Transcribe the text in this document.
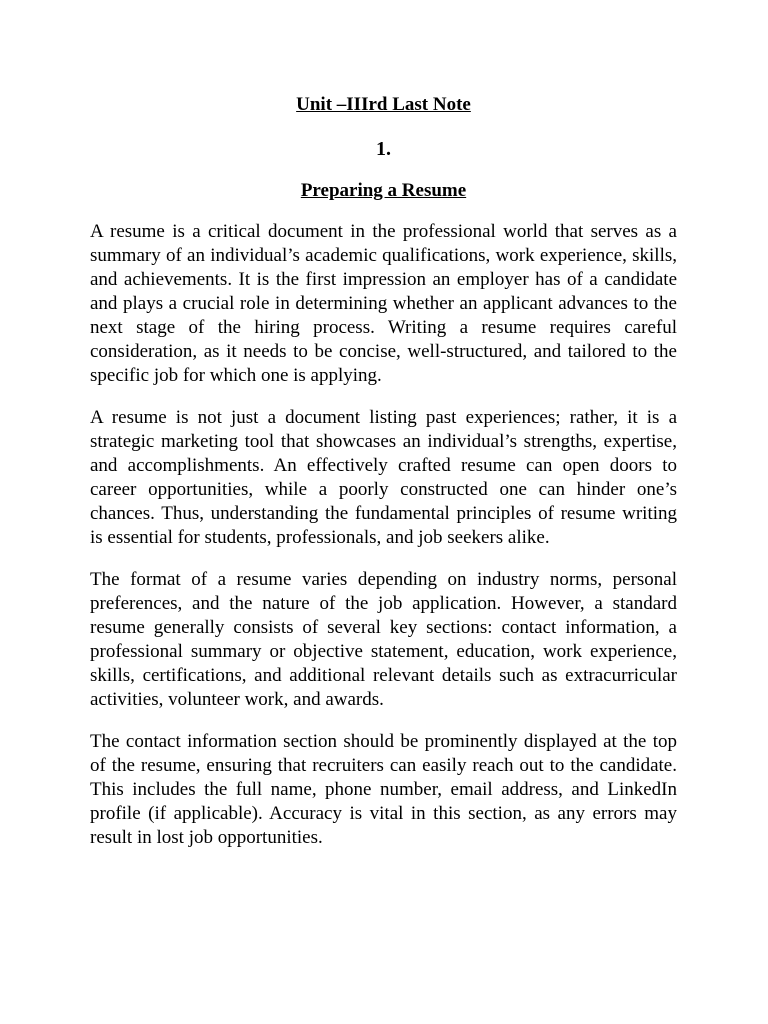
Unit –IIIrd Last Note
1.
Preparing a Resume

A resume is a critical document in the professional world that serves as a summary of an individual’s academic qualifications, work experience, skills, and achievements. It is the first impression an employer has of a candidate and plays a crucial role in determining whether an applicant advances to the next stage of the hiring process. Writing a resume requires careful consideration, as it needs to be concise, well-structured, and tailored to the specific job for which one is applying.

A resume is not just a document listing past experiences; rather, it is a strategic marketing tool that showcases an individual’s strengths, expertise, and accomplishments. An effectively crafted resume can open doors to career opportunities, while a poorly constructed one can hinder one’s chances. Thus, understanding the fundamental principles of resume writing is essential for students, professionals, and job seekers alike.

The format of a resume varies depending on industry norms, personal preferences, and the nature of the job application. However, a standard resume generally consists of several key sections: contact information, a professional summary or objective statement, education, work experience, skills, certifications, and additional relevant details such as extracurricular activities, volunteer work, and awards.

The contact information section should be prominently displayed at the top of the resume, ensuring that recruiters can easily reach out to the candidate. This includes the full name, phone number, email address, and LinkedIn profile (if applicable). Accuracy is vital in this section, as any errors may result in lost job opportunities.
